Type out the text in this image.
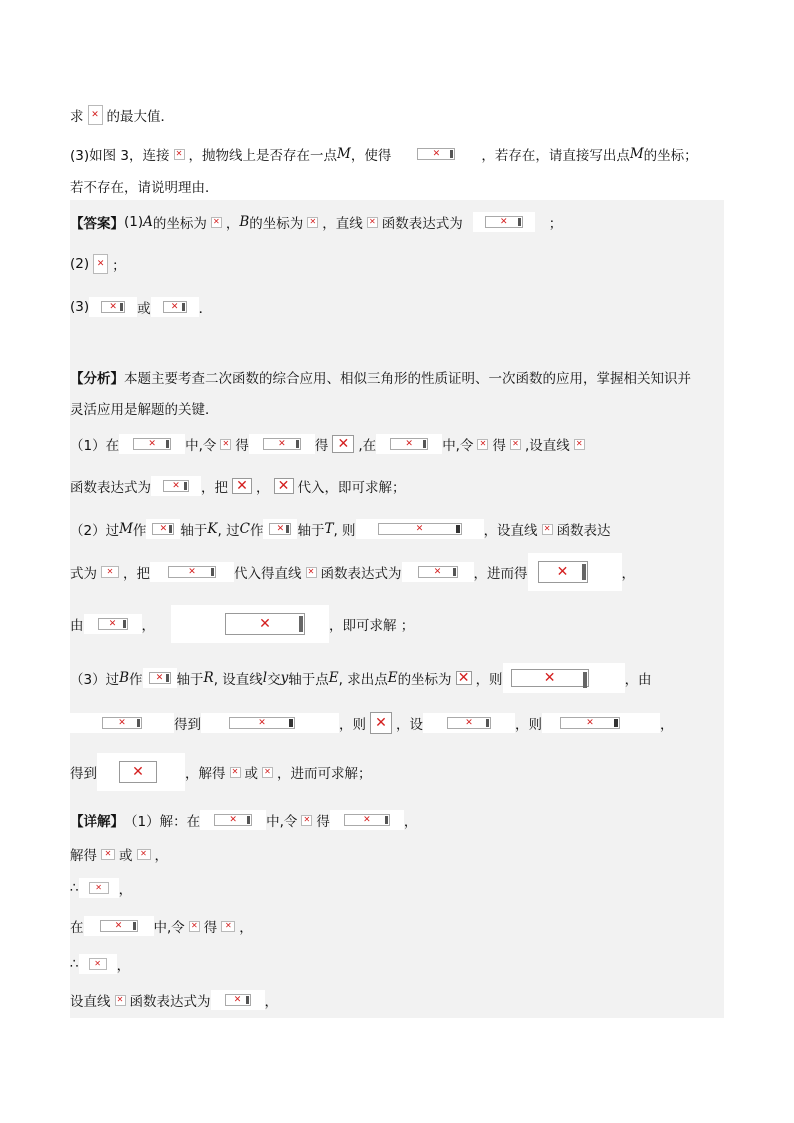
求 ✕ 的最大值．
(3)如图 3，连接 ✕ ，抛物线上是否存在一点 M ，使得	✕	，若存在，请直接写出点 M 的坐标；
若不存在，请说明理由．
【答案】 (1) A 的坐标为 ✕ ， B 的坐标为 ✕ ，直线 ✕ 函数表达式为	✕	；
(2) ✕ ；
(3) ✕ 或 ✕ ．
【分析】 本题主要考查二次函数的综合应用、相似三角形的性质证明、一次函数的应用，掌握相关知识并
灵活应用是解题的关键．
（1）在	✕ 中, 令 ✕ 得	✕ 得 ✕ ,在	✕ 中, 令 ✕ 得 ✕ ,设直线 ✕
函数表达式为 ✕ ，把 ✕ ， ✕ 代入，即可求解；
（2）过 M 作 ✕ 轴于 K , 过 C 作 ✕ 轴于 T , 则	✕	，设直线 ✕ 函数表达
式为 ✕ ，把	✕	代入得直线 ✕ 函数表达式为	✕ ，进而得 ✕	，
由	✕ ，	✕	，即可求解 ；
（3）过 B 作 ✕ 轴于 R , 设直线 l 交 y 轴于点 E , 求出点 E 的坐标为 ✕ ，则	✕	，由
✕	得到	✕	，则 ✕ ，设	✕	，则	✕	，
得到	✕	，解得 ✕ 或 ✕ ，进而可求解；
【详解】 （1）解：在	✕ 中, 令 ✕ 得	✕ ，
解得 ✕ 或 ✕ ，
∴ ✕ ，
在	✕ 中, 令 ✕ 得 ✕ ，
∴ ✕ ，
设直线 ✕ 函数表达式为	✕ ，
